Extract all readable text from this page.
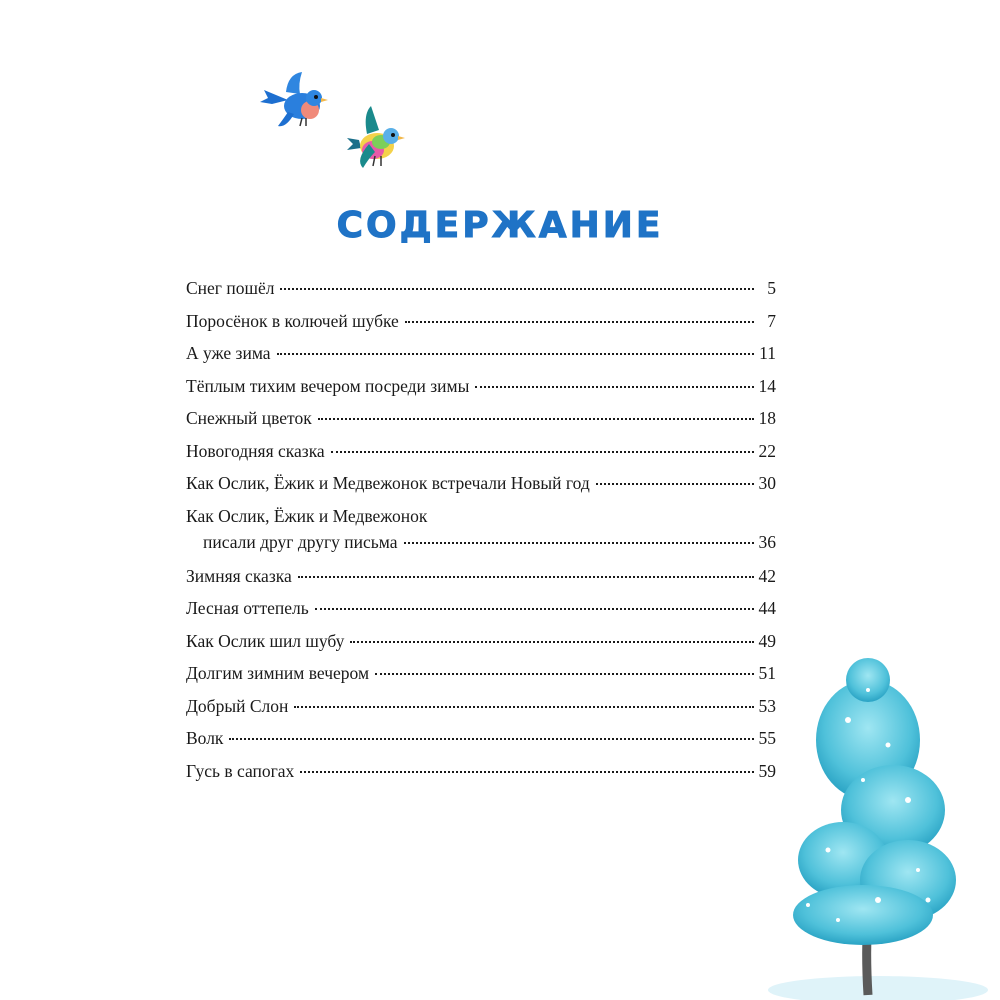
СОДЕРЖАНИЕ
Снег пошёл	5
Поросёнок в колючей шубке	7
А уже зима	11
Тёплым тихим вечером посреди зимы	14
Снежный цветок	18
Новогодняя сказка	22
Как Ослик, Ёжик и Медвежонок встречали Новый год	30
Как Ослик, Ёжик и Медвежонок
писали друг другу письма	36
Зимняя сказка	42
Лесная оттепель	44
Как Ослик шил шубу	49
Долгим зимним вечером	51
Добрый Слон	53
Волк	55
Гусь в сапогах	59
